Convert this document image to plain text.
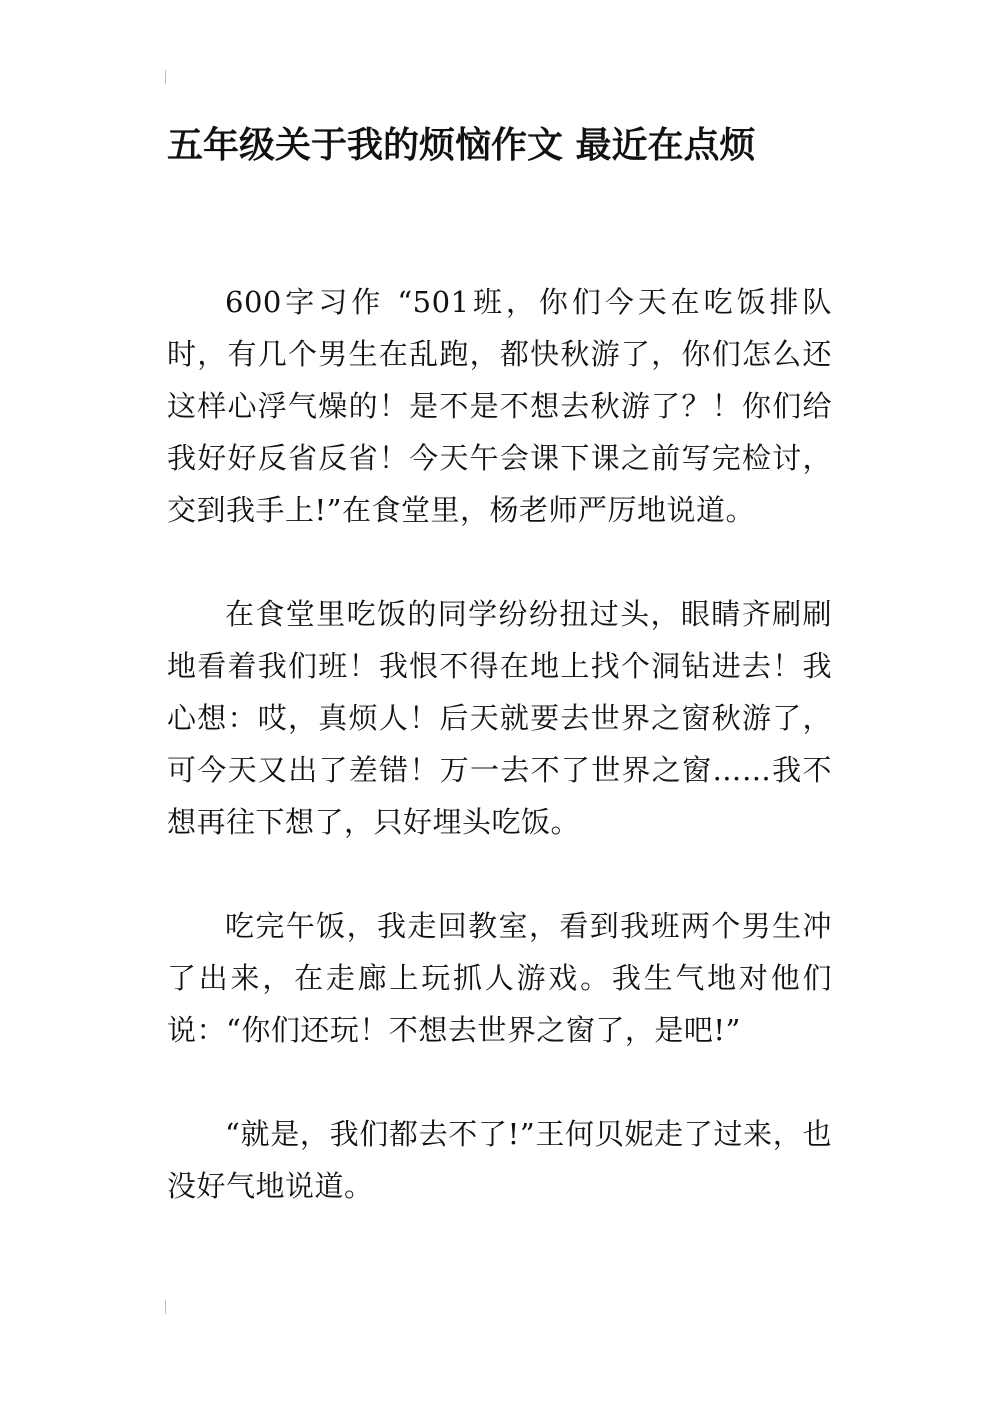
五年级关于我的烦恼作文 最近在点烦

600字习作 “501班，你们今天在吃饭排队时，有几个男生在乱跑，都快秋游了，你们怎么还这样心浮气燥的！是不是不想去秋游了？！你们给我好好反省反省！今天午会课下课之前写完检讨，交到我手上!”在食堂里，杨老师严厉地说道。

在食堂里吃饭的同学纷纷扭过头，眼睛齐刷刷地看着我们班！我恨不得在地上找个洞钻进去！我心想：哎，真烦人！后天就要去世界之窗秋游了，可今天又出了差错！万一去不了世界之窗……我不想再往下想了，只好埋头吃饭。

吃完午饭，我走回教室，看到我班两个男生冲了出来，在走廊上玩抓人游戏。我生气地对他们说：“你们还玩！不想去世界之窗了，是吧!”

“就是，我们都去不了!”王何贝妮走了过来，也没好气地说道。
